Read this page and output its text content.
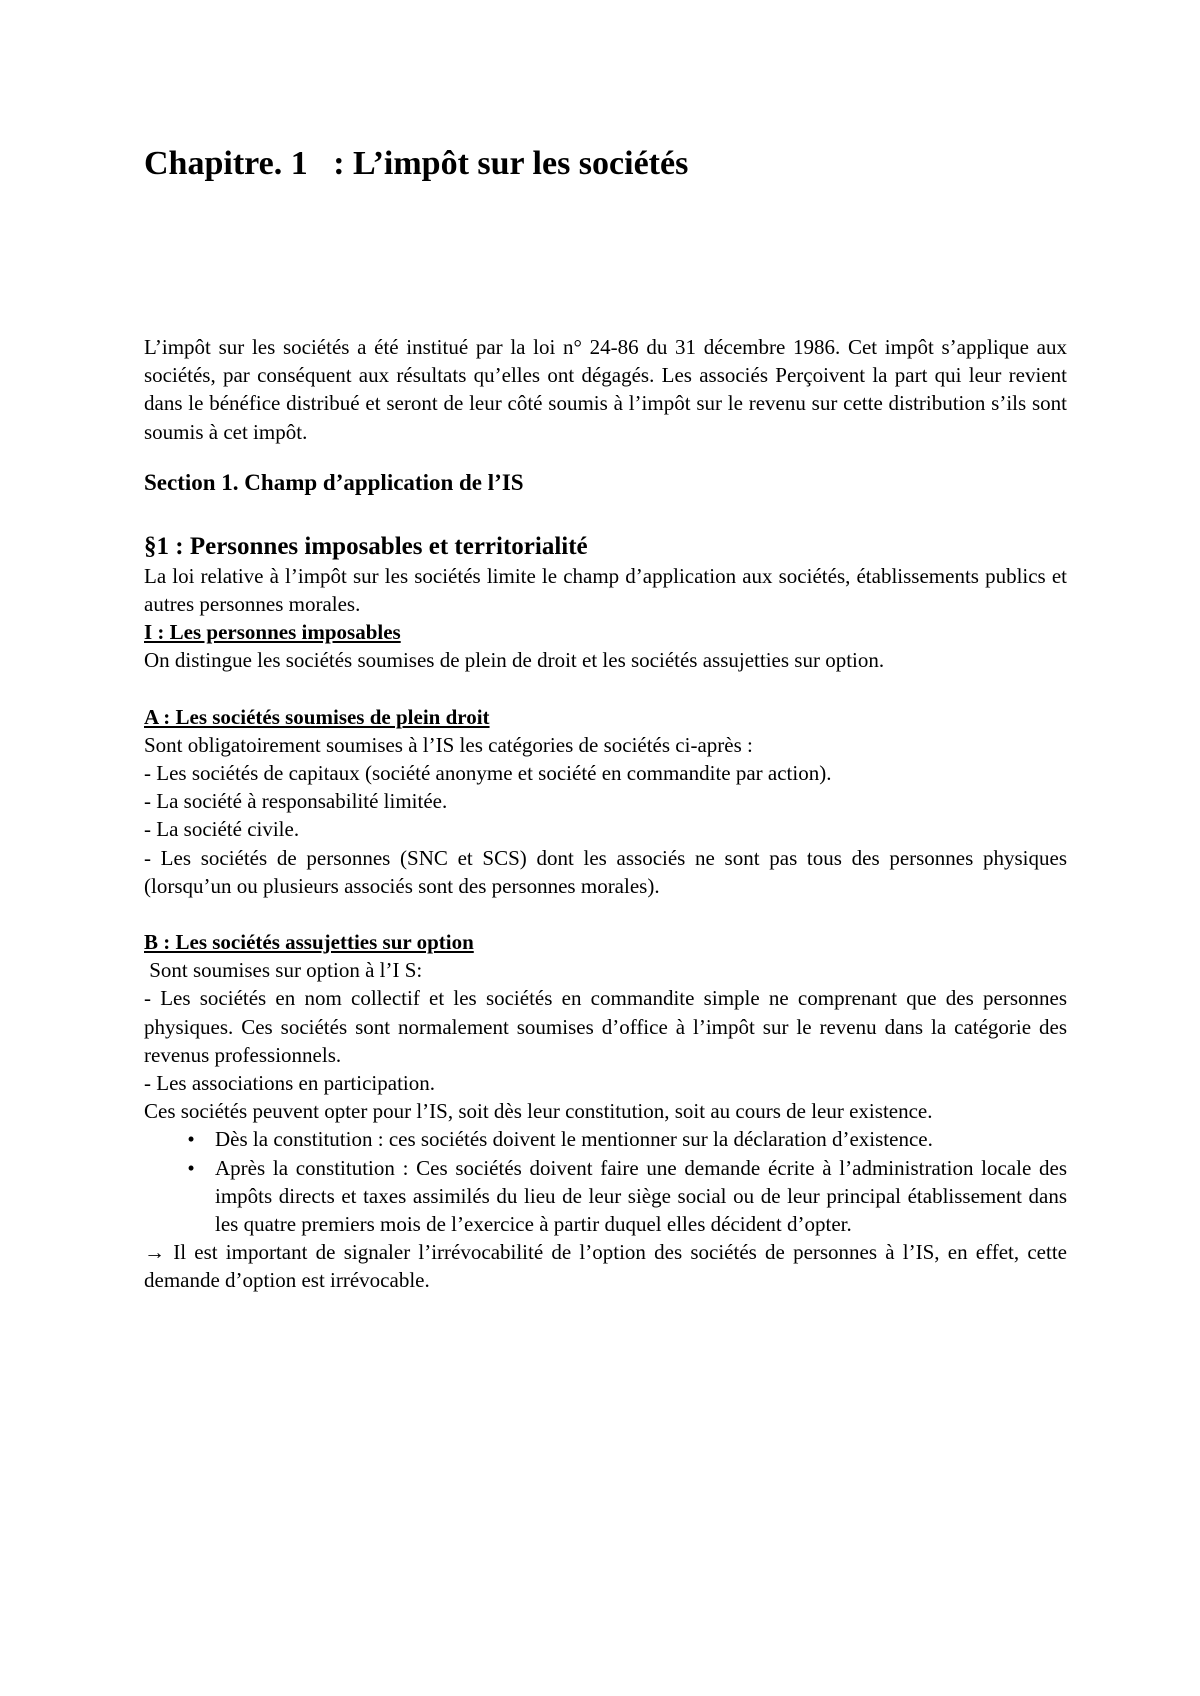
Chapitre. 1   : L’impôt sur les sociétés

L’impôt sur les sociétés a été institué par la loi n° 24-86 du 31 décembre 1986. Cet impôt s’applique aux sociétés, par conséquent aux résultats qu’elles ont dégagés. Les associés Perçoivent la part qui leur revient dans le bénéfice distribué et seront de leur côté soumis à l’impôt sur le revenu sur cette distribution s’ils sont soumis à cet impôt.

Section 1. Champ d’application de l’IS

§1 : Personnes imposables et territorialité

La loi relative à l’impôt sur les sociétés limite le champ d’application aux sociétés, établissements publics et autres personnes morales.

I : Les personnes imposables

On distingue les sociétés soumises de plein de droit et les sociétés assujetties sur option.

A : Les sociétés soumises de plein droit

Sont obligatoirement soumises à l’IS les catégories de sociétés ci-après :

- Les sociétés de capitaux (société anonyme et société en commandite par action).

- La société à responsabilité limitée.

- La société civile.

- Les sociétés de personnes (SNC et SCS) dont les associés ne sont pas tous des personnes physiques (lorsqu’un ou plusieurs associés sont des personnes morales).

B : Les sociétés assujetties sur option

Sont soumises sur option à l’I S:

- Les sociétés en nom collectif et les sociétés en commandite simple ne comprenant que des personnes physiques. Ces sociétés sont normalement soumises d’office à l’impôt sur le revenu dans la catégorie des revenus professionnels.

- Les associations en participation.

Ces sociétés peuvent opter pour l’IS, soit dès leur constitution, soit au cours de leur existence.

• Dès la constitution : ces sociétés doivent le mentionner sur la déclaration d’existence.
• Après la constitution : Ces sociétés doivent faire une demande écrite à l’administration locale des impôts directs et taxes assimilés du lieu de leur siège social ou de leur principal établissement dans les quatre premiers mois de l’exercice à partir duquel elles décident d’opter.

→ Il est important de signaler l’irrévocabilité de l’option des sociétés de personnes à l’IS, en effet, cette demande d’option est irrévocable.
